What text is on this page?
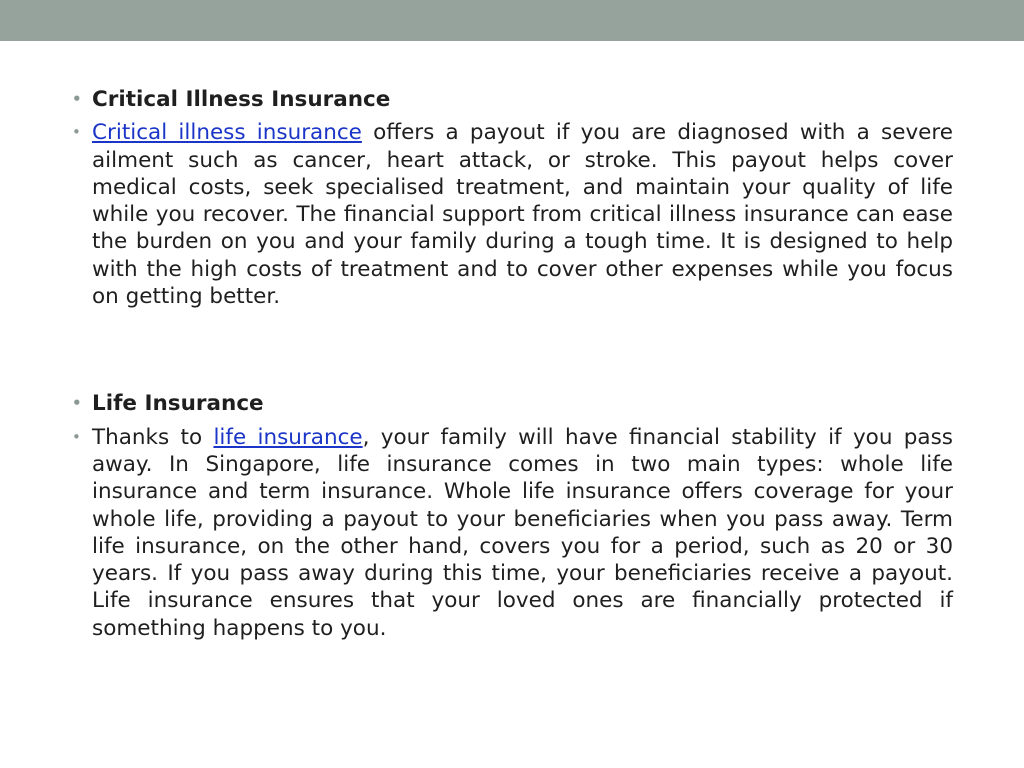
• Critical Illness Insurance
• Critical illness insurance offers a payout if you are diagnosed with a severe ailment such as cancer, heart attack, or stroke. This payout helps cover medical costs, seek specialised treatment, and maintain your quality of life while you recover. The financial support from critical illness insurance can ease the burden on you and your family during a tough time. It is designed to help with the high costs of treatment and to cover other expenses while you focus on getting better.
• Life Insurance
• Thanks to life insurance, your family will have financial stability if you pass away. In Singapore, life insurance comes in two main types: whole life insurance and term insurance. Whole life insurance offers coverage for your whole life, providing a payout to your beneficiaries when you pass away. Term life insurance, on the other hand, covers you for a period, such as 20 or 30 years. If you pass away during this time, your beneficiaries receive a payout. Life insurance ensures that your loved ones are financially protected if something happens to you.
